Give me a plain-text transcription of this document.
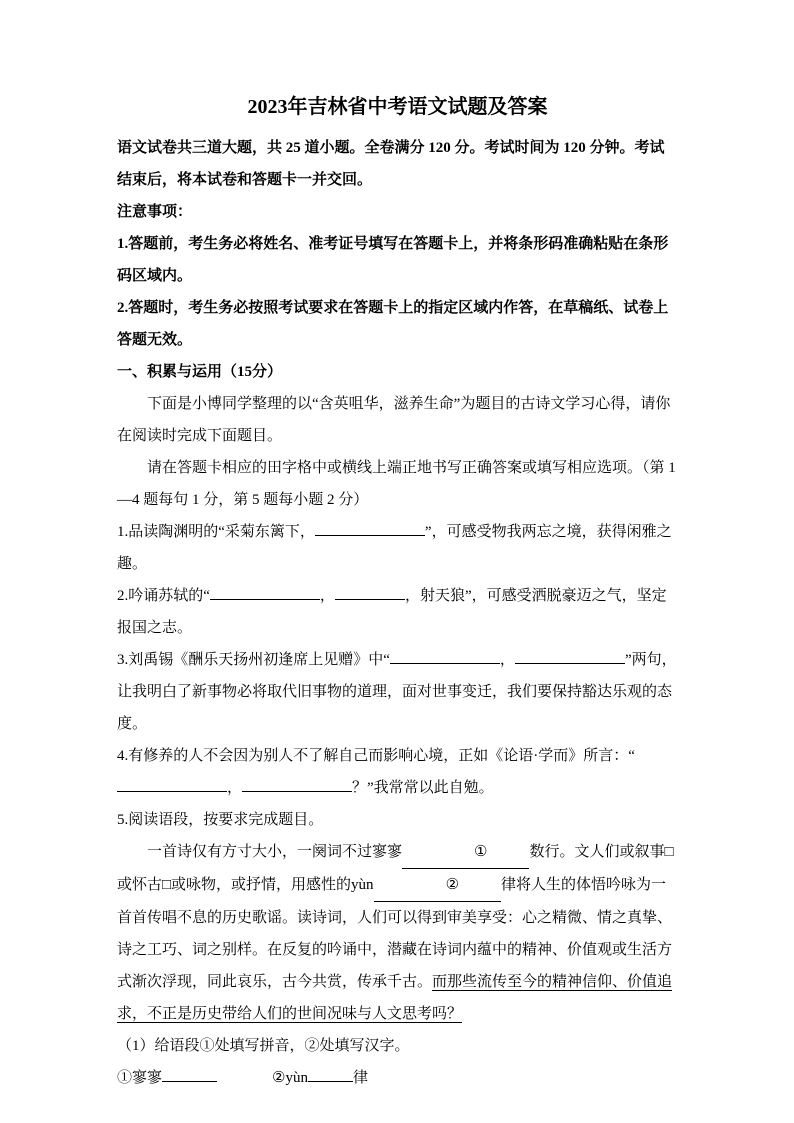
2023年吉林省中考语文试题及答案

语文试卷共三道大题，共 25 道小题。全卷满分 120 分。考试时间为 120 分钟。考试结束后，将本试卷和答题卡一并交回。

注意事项：

1.答题前，考生务必将姓名、准考证号填写在答题卡上，并将条形码准确粘贴在条形码区域内。

2.答题时，考生务必按照考试要求在答题卡上的指定区域内作答，在草稿纸、试卷上答题无效。

一、积累与运用（15分）

下面是小博同学整理的以“含英咀华，滋养生命”为题目的古诗文学习心得，请你在阅读时完成下面题目。

请在答题卡相应的田字格中或横线上端正地书写正确答案或填写相应选项。（第 1—4 题每句 1 分，第 5 题每小题 2 分）

1.品读陶渊明的“采菊东篱下，	”，可感受物我两忘之境，获得闲雅之趣。

2.吟诵苏轼的“	，	，射天狼”，可感受洒脱豪迈之气，坚定报国之志。

3.刘禹锡《酬乐天扬州初逢席上见赠》中“	，	”两句，让我明白了新事物必将取代旧事物的道理，面对世事变迁，我们要保持豁达乐观的态度。

4.有修养的人不会因为别人不了解自己而影响心境，正如《论语·学而》所言：“，	？”我常常以此自勉。

5.阅读语段，按要求完成题目。

一首诗仅有方寸大小，一阕词不过寥寥	①	数行。文人们或叙事□或怀古□或咏物，或抒情，用感性的yùn	②	律将人生的体悟吟咏为一首首传唱不息的历史歌谣。读诗词，人们可以得到审美享受：心之精微、情之真挚、诗之工巧、词之别样。在反复的吟诵中，潜藏在诗词内蕴中的精神、价值观或生活方式渐次浮现，同此哀乐，古今共赏，传承千古。而那些流传至今的精神信仰、价值追求，不正是历史带给人们的世间况味与人文思考吗？

（1）给语段①处填写拼音，②处填写汉字。

①寥寥	②yùn	律
